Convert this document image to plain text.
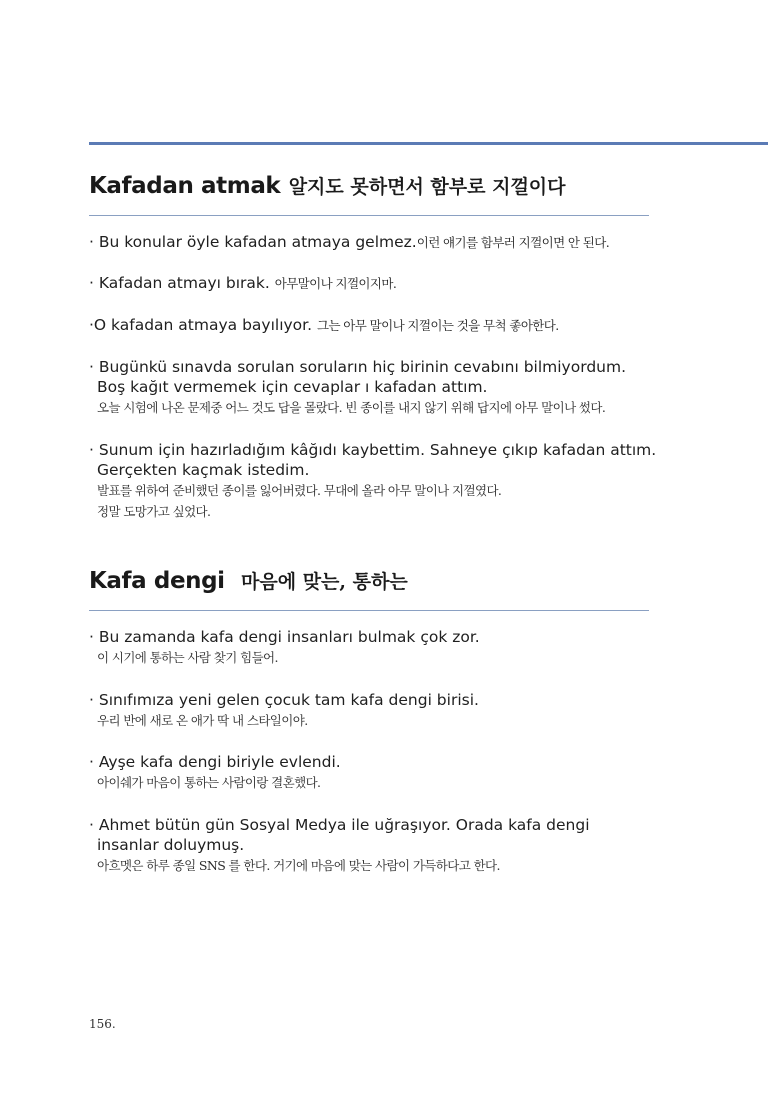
Kafadan atmak 알지도 못하면서 함부로 지껄이다
· Bu konular öyle kafadan atmaya gelmez.이런 얘기를 함부러 지껄이면 안 된다.
· Kafadan atmayı bırak. 아무말이나 지껄이지마.
·O kafadan atmaya bayılıyor. 그는 아무 말이나 지껄이는 것을 무척 좋아한다.
· Bugünkü sınavda sorulan soruların hiç birinin cevabını bilmiyordum.
Boş kağıt vermemek için cevaplar ı kafadan attım.
오늘 시험에 나온 문제중 어느 것도 답을 몰랐다. 빈 종이를 내지 않기 위해 답지에 아무 말이나 썼다.
· Sunum için hazırladığım kâğıdı kaybettim. Sahneye çıkıp kafadan attım.
Gerçekten kaçmak istedim.
발표를 위하여 준비했던 종이를 잃어버렸다. 무대에 올라 아무 말이나 지껄였다.
정말 도망가고 싶었다.
Kafa dengi 마음에 맞는, 통하는
· Bu zamanda kafa dengi insanları bulmak çok zor.
이 시기에 통하는 사람 찾기 힘들어.
· Sınıfımıza yeni gelen çocuk tam kafa dengi birisi.
우리 반에 새로 온 애가 딱 내 스타일이야.
· Ayşe kafa dengi biriyle evlendi.
아이쉐가 마음이 통하는 사람이랑 결혼했다.
· Ahmet bütün gün Sosyal Medya ile uğraşıyor. Orada kafa dengi
insanlar doluymuş.
아흐멧은 하루 종일 SNS 를 한다. 거기에 마음에 맞는 사람이 가득하다고 한다.
156.
